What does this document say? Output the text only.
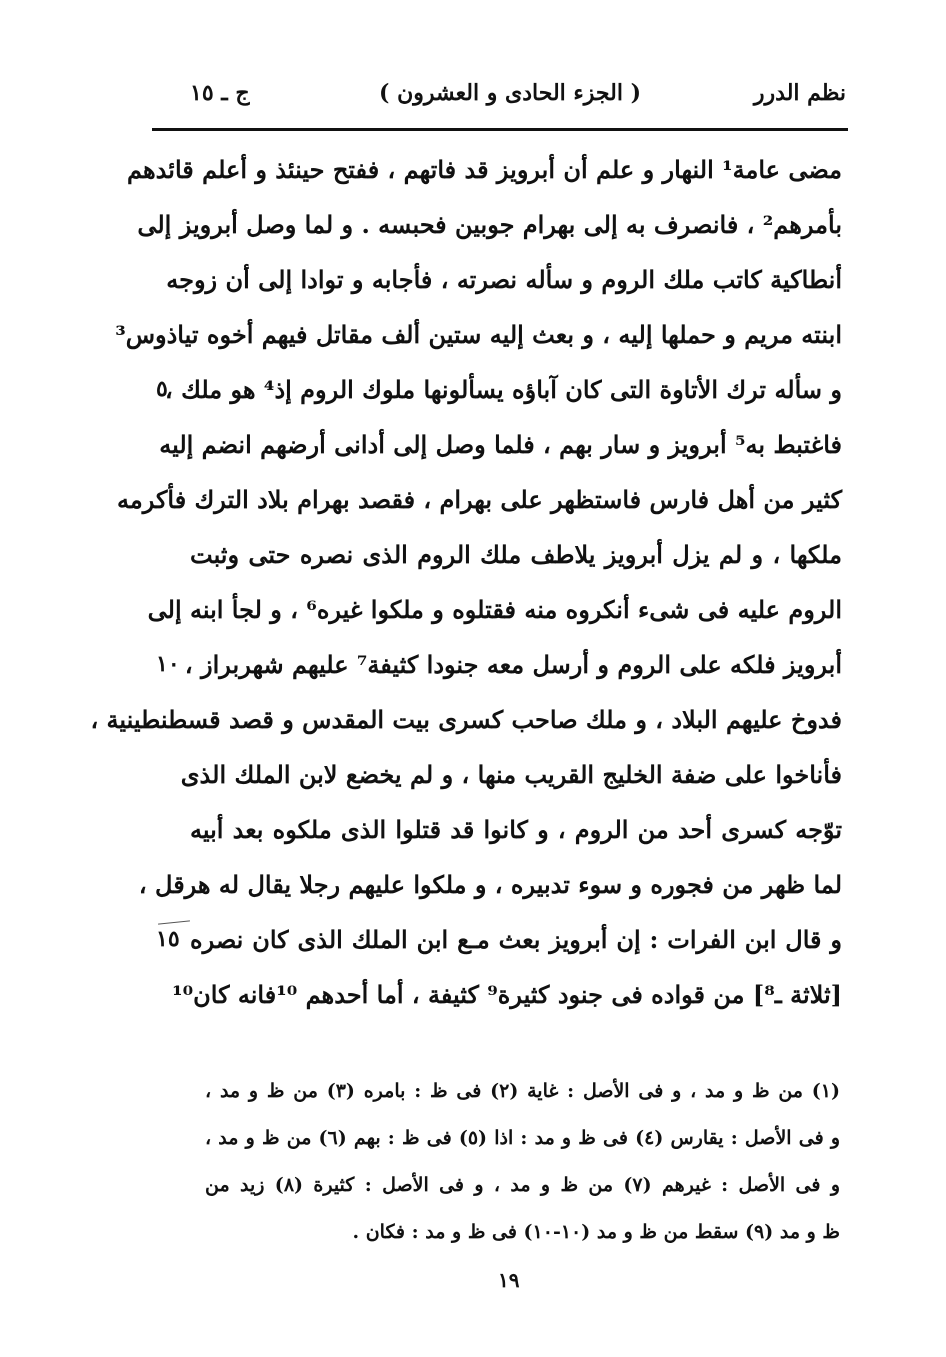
نظم الدرر
( الجزء الحادى و العشرون )
ج ـ ١٥
مضى عامة¹ النهار و علم أن أبرويز قد فاتهم ، ففتح حينئذ و أعلم قائدهم
بأمرهم² ، فانصرف به إلى بهرام جوبين فحبسه . و لما وصل أبرويز إلى
أنطاكية كاتب ملك الروم و سأله نصرته ، فأجابه و توادا إلى أن زوجه
ابنته مريم و حملها إليه ، و بعث إليه ستين ألف مقاتل فيهم أخوه تياذوس³
و سأله ترك الأتاوة التى كان آباؤه يسألونها ملوك الروم إذ⁴ هو ملك ،
٥
فاغتبط به⁵ أبرويز و سار بهم ، فلما وصل إلى أدانى أرضهم انضم إليه
كثير من أهل فارس فاستظهر على بهرام ، فقصد بهرام بلاد الترك فأكرمه
ملكها ، و لم يزل أبرويز يلاطف ملك الروم الذى نصره حتى وثبت
الروم عليه فى شىء أنكروه منه فقتلوه و ملكوا غيره⁶ ، و لجأ ابنه إلى
أبرويز فلكه على الروم و أرسل معه جنودا كثيفة⁷ عليهم شهربراز ،
١٠
فدوخ عليهم البلاد ، و ملك صاحب كسرى بيت المقدس و قصد قسطنطينية ،
فأناخوا على ضفة الخليج القريب منها ، و لم يخضع لابن الملك الذى
توّجه كسرى أحد من الروم ، و كانوا قد قتلوا الذى ملكوه بعد أبيه
لما ظهر من فجوره و سوء تدبيره ، و ملكوا عليهم رجلا يقال له هرقل ،
و قال ابن الفرات : إن أبرويز بعث مـع ابن الملك الذى كان نصره
١٥
[ثلاثة ـ⁸] من قواده فى جنود كثيرة⁹ كثيفة ، أما أحدهم ¹⁰فانه كان¹⁰
(١) من ظ و مد ، و فى الأصل : غاية (٢) فى ظ : بامره (٣) من ظ و مد ،
و فى الأصل : يقارس (٤) فى ظ و مد : اذا (٥) فى ظ : بهم (٦) من ظ و مد ،
و فى الأصل : غيرهم (٧) من ظ و مد ، و فى الأصل : كثيرة (٨) زيد من
ظ و مد (٩) سقط من ظ و مد (١٠-١٠) فى ظ و مد : فكان .
١٩
